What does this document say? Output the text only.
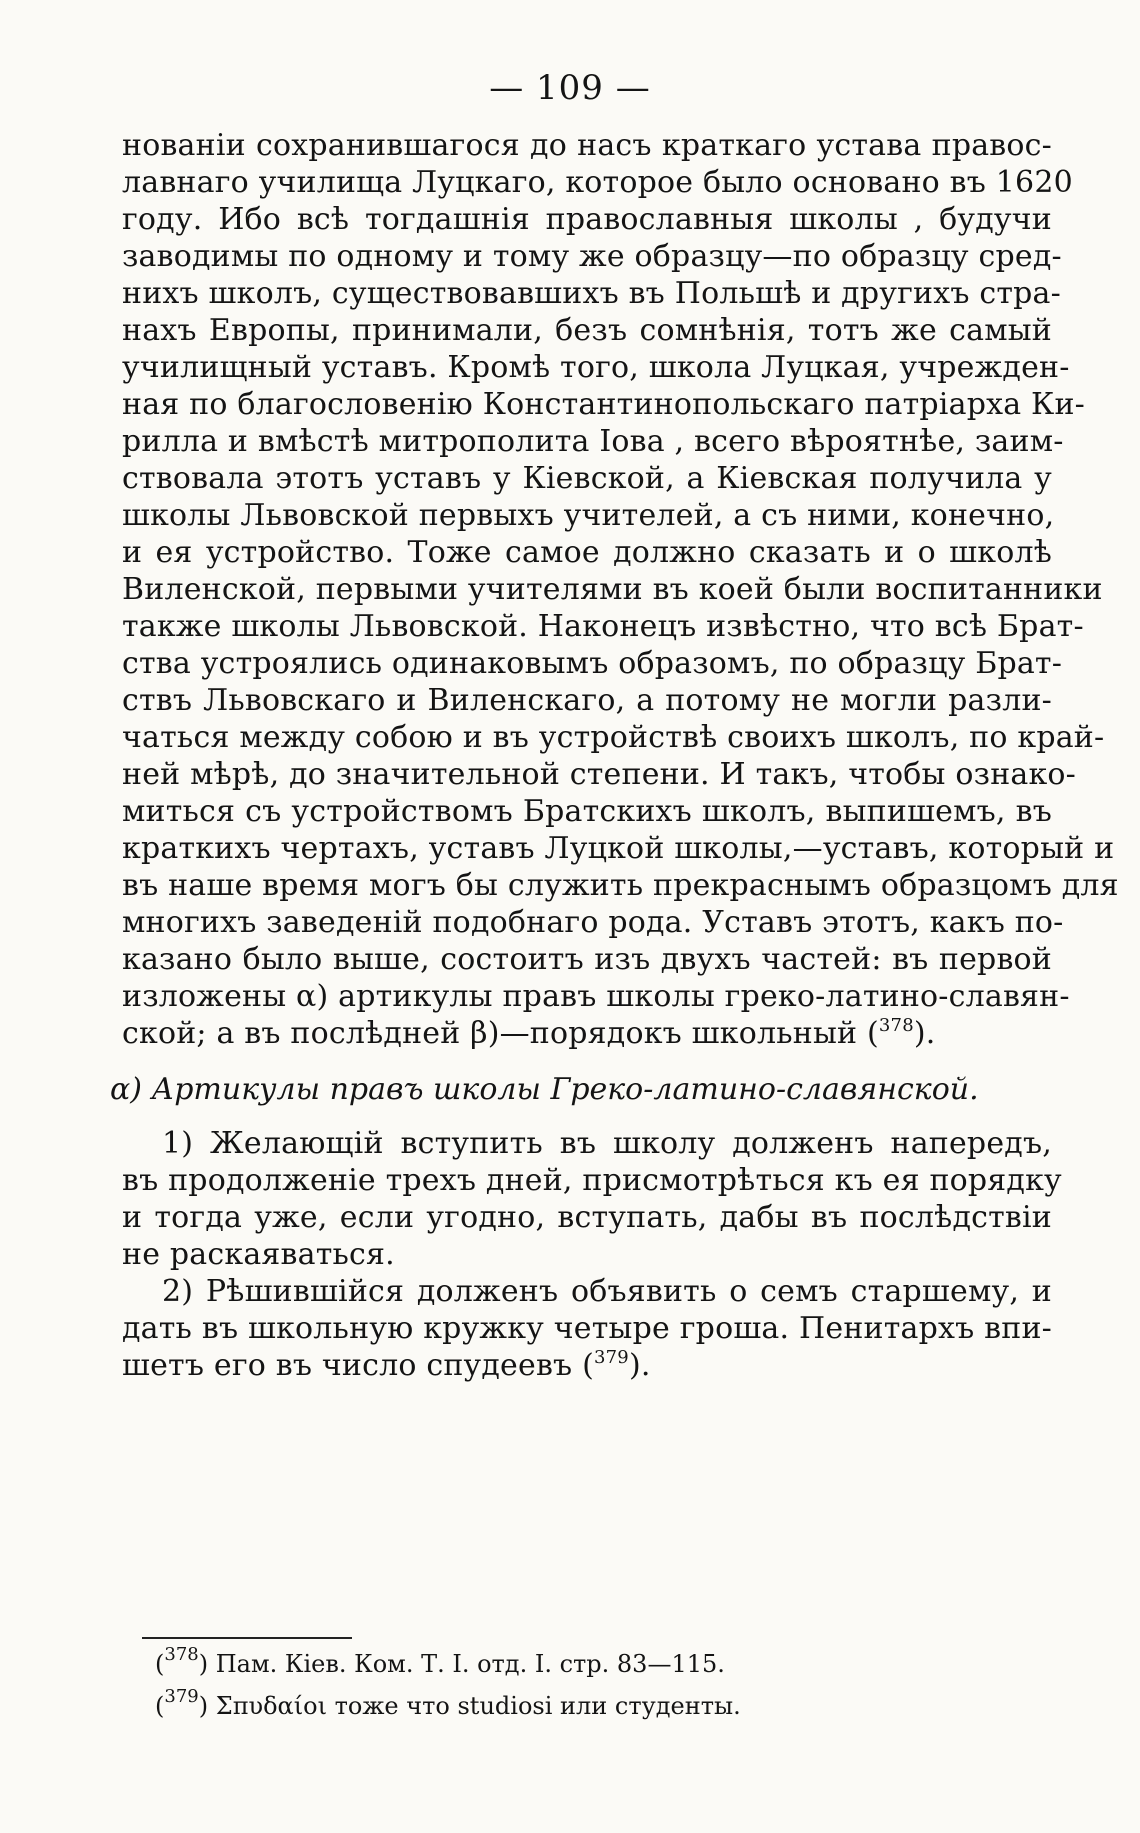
— 109 —
нованіи сохранившагося до насъ краткаго устава правос-
лавнаго училища Луцкаго, которое было основано въ 1620
году. Ибо всѣ тогдашнія православныя школы , будучи
заводимы по одному и тому же образцу—по образцу сред-
нихъ школъ, существовавшихъ въ Польшѣ и другихъ стра-
нахъ Европы, принимали, безъ сомнѣнія, тотъ же самый
училищный уставъ. Кромѣ того, школа Луцкая, учрежден-
ная по благословенію Константинопольскаго патріарха Ки-
рилла и вмѣстѣ митрополита Іова , всего вѣроятнѣе, заим-
ствовала этотъ уставъ у Кіевской, а Кіевская получила у
школы Львовской первыхъ учителей, а съ ними, конечно,
и ея устройство. Тоже самое должно сказать и о школѣ
Виленской, первыми учителями въ коей были воспитанники
также школы Львовской. Наконецъ извѣстно, что всѣ Брат-
ства устроялись одинаковымъ образомъ, по образцу Брат-
ствъ Львовскаго и Виленскаго, а потому не могли разли-
чаться между собою и въ устройствѣ своихъ школъ, по край-
ней мѣрѣ, до значительной степени. И такъ, чтобы ознако-
миться съ устройствомъ Братскихъ школъ, выпишемъ, въ
краткихъ чертахъ, уставъ Луцкой школы,—уставъ, который и
въ наше время могъ бы служить прекраснымъ образцомъ для
многихъ заведеній подобнаго рода. Уставъ этотъ, какъ по-
казано было выше, состоитъ изъ двухъ частей: въ первой
изложены α) артикулы правъ школы греко-латино-славян-
ской; а въ послѣдней β)—порядокъ школьный ($^{378}$).
α) Артикулы правъ школы Греко-латино-славянской.
1) Желающій вступить въ школу долженъ напередъ,
въ продолженіе трехъ дней, присмотрѣться къ ея порядку
и тогда уже, если угодно, вступать, дабы въ послѣдствіи
не раскаяваться.
2) Рѣшившійся долженъ объявить о семъ старшему, и
дать въ школьную кружку четыре гроша. Пенитархъ впи-
шетъ его въ число спудеевъ ($^{379}$).
($^{378}$) Пам. Кіев. Ком. Т. I. отд. I. стр. 83—115.
($^{379}$) Σπυδαίοι тоже что studiosi или студенты.
